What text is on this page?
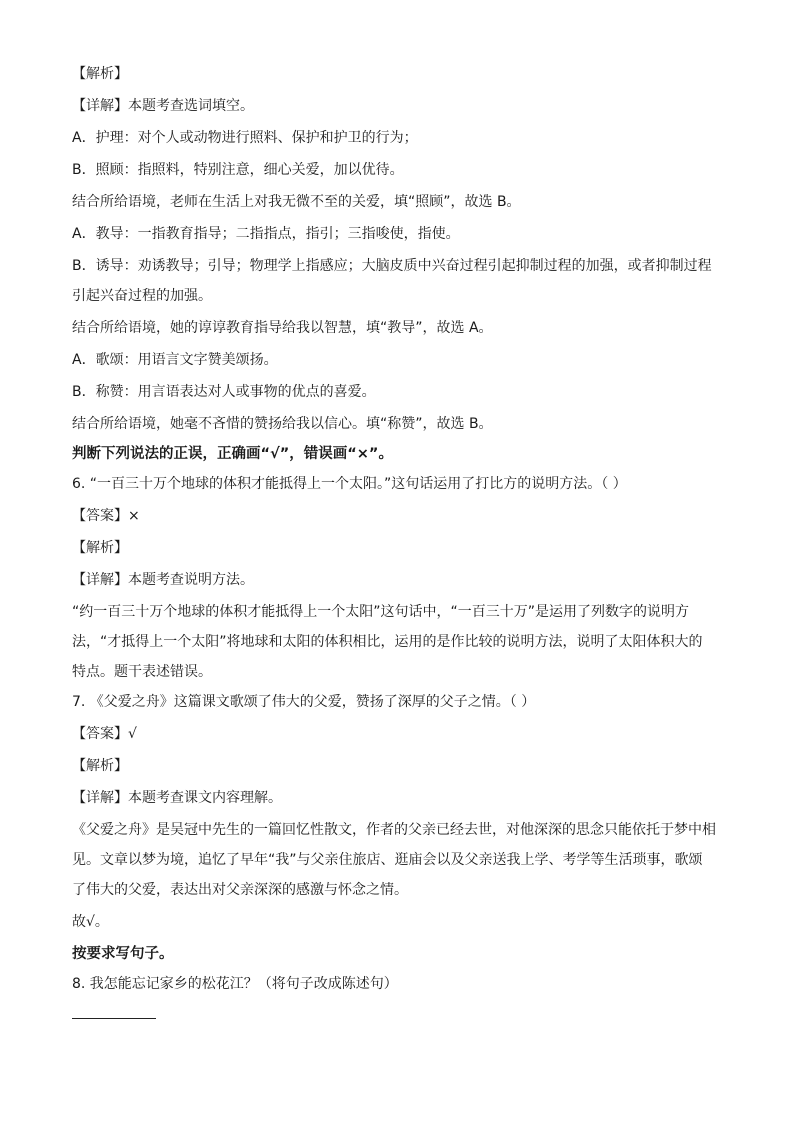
【解析】
【详解】本题考查选词填空。
A．护理：对个人或动物进行照料、保护和护卫的行为；
B．照顾：指照料，特别注意，细心关爱，加以优待。
结合所给语境，老师在生活上对我无微不至的关爱，填“照顾”，故选 B。
A．教导：一指教育指导；二指指点，指引；三指唆使，指使。
B．诱导：劝诱教导；引导；物理学上指感应；大脑皮质中兴奋过程引起抑制过程的加强，或者抑制过程
引起兴奋过程的加强。
结合所给语境，她的谆谆教育指导给我以智慧，填“教导”，故选 A。
A．歌颂：用语言文字赞美颂扬。
B．称赞：用言语表达对人或事物的优点的喜爱。
结合所给语境，她毫不吝惜的赞扬给我以信心。填“称赞”，故选 B。
判断下列说法的正误，正确画“√”，错误画“×”。
6. “一百三十万个地球的体积才能抵得上一个太阳。”这句话运用了打比方的说明方法。（ ）
【答案】×
【解析】
【详解】本题考查说明方法。
“约一百三十万个地球的体积才能抵得上一个太阳”这句话中，“一百三十万”是运用了列数字的说明方
法，“才抵得上一个太阳”将地球和太阳的体积相比，运用的是作比较的说明方法，说明了太阳体积大的
特点。题干表述错误。
7. 《父爱之舟》这篇课文歌颂了伟大的父爱，赞扬了深厚的父子之情。（ ）
【答案】√
【解析】
【详解】本题考查课文内容理解。
《父爱之舟》是吴冠中先生的一篇回忆性散文，作者的父亲已经去世，对他深深的思念只能依托于梦中相
见。文章以梦为境，追忆了早年“我”与父亲住旅店、逛庙会以及父亲送我上学、考学等生活琐事，歌颂
了伟大的父爱，表达出对父亲深深的感激与怀念之情。
故√。
按要求写句子。
8. 我怎能忘记家乡的松花江？（将句子改成陈述句）
